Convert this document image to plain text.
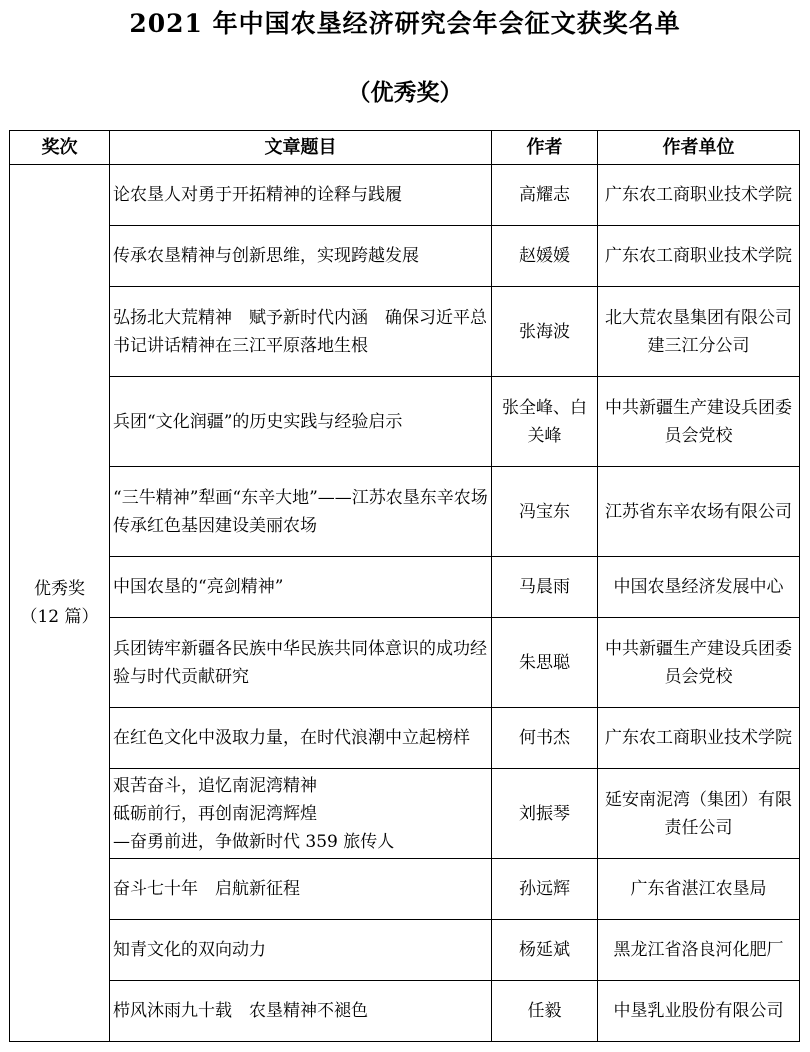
2021 年中国农垦经济研究会年会征文获奖名单
（优秀奖）
奖次	文章题目	作者	作者单位

优秀奖
（12 篇）	论农垦人对勇于开拓精神的诠释与践履	高耀志	广东农工商职业技术学院

	传承农垦精神与创新思维，实现跨越发展	赵媛媛	广东农工商职业技术学院

	弘扬北大荒精神　赋予新时代内涵　确保习近平总书记讲话精神在三江平原落地生根	张海波	北大荒农垦集团有限公司建三江分公司

	兵团“文化润疆”的历史实践与经验启示	张全峰、白关峰	中共新疆生产建设兵团委员会党校

	“三牛精神”犁画“东辛大地”——江苏农垦东辛农场传承红色基因建设美丽农场	冯宝东	江苏省东辛农场有限公司

	中国农垦的“亮剑精神”	马晨雨	中国农垦经济发展中心

	兵团铸牢新疆各民族中华民族共同体意识的成功经验与时代贡献研究	朱思聪	中共新疆生产建设兵团委员会党校

	在红色文化中汲取力量，在时代浪潮中立起榜样	何书杰	广东农工商职业技术学院

	艰苦奋斗，追忆南泥湾精神
砥砺前行，再创南泥湾辉煌
—奋勇前进，争做新时代 359 旅传人	刘振琴	延安南泥湾（集团）有限责任公司

	奋斗七十年　启航新征程	孙远辉	广东省湛江农垦局

	知青文化的双向动力	杨延斌	黑龙江省洛良河化肥厂

	栉风沐雨九十载　农垦精神不褪色	任毅	中垦乳业股份有限公司
